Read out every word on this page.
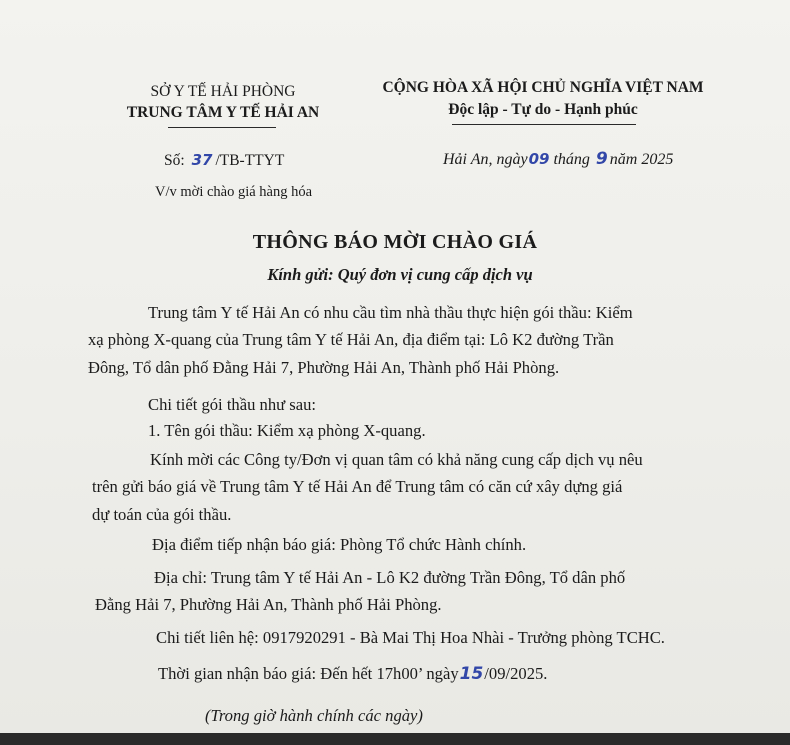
SỞ Y TẾ HẢI PHÒNG
TRUNG TÂM Y TẾ HẢI AN
CỘNG HÒA XÃ HỘI CHỦ NGHĨA VIỆT NAM
Độc lập - Tự do - Hạnh phúc
Số: 37 /TB-TTYT
V/v mời chào giá hàng hóa
Hải An, ngày09 tháng 9 năm 2025
THÔNG BÁO MỜI CHÀO GIÁ
Kính gửi: Quý đơn vị cung cấp dịch vụ
Trung tâm Y tế Hải An có nhu cầu tìm nhà thầu thực hiện gói thầu: Kiểm
xạ phòng X-quang của Trung tâm Y tế Hải An, địa điểm tại: Lô K2 đường Trần
Đông, Tổ dân phố Đằng Hải 7, Phường Hải An, Thành phố Hải Phòng.
Chi tiết gói thầu như sau:
1. Tên gói thầu: Kiểm xạ phòng X-quang.
Kính mời các Công ty/Đơn vị quan tâm có khả năng cung cấp dịch vụ nêu
trên gửi báo giá về Trung tâm Y tế Hải An để Trung tâm có căn cứ xây dựng giá
dự toán của gói thầu.
Địa điểm tiếp nhận báo giá: Phòng Tổ chức Hành chính.
Địa chỉ: Trung tâm Y tế Hải An - Lô K2 đường Trần Đông, Tổ dân phố
Đằng Hải 7, Phường Hải An, Thành phố Hải Phòng.
Chi tiết liên hệ: 0917920291 - Bà Mai Thị Hoa Nhài - Trưởng phòng TCHC.
Thời gian nhận báo giá: Đến hết 17h00’ ngày15/09/2025.
(Trong giờ hành chính các ngày)
